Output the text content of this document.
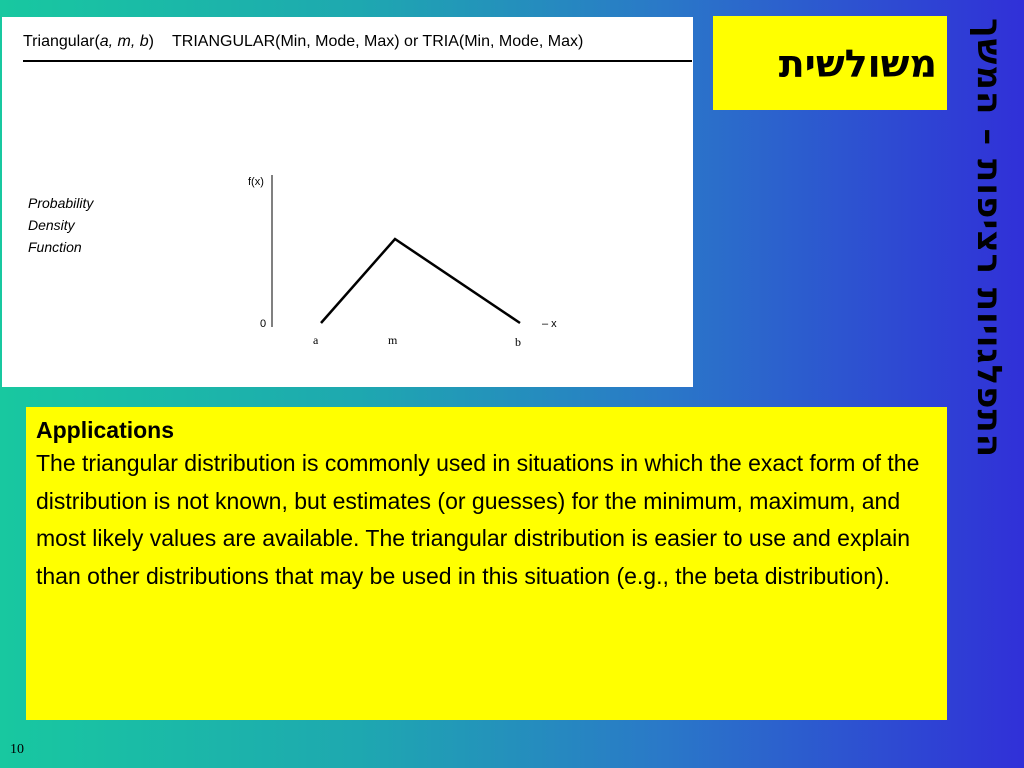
Triangular(a, m, b) TRIANGULAR(Min, Mode, Max) or TRIA(Min, Mode, Max)
Probability
Density
Function
f(x)
0	– x
a	m	b
משולשית התפלגויות רציפות – המשך
Applications
The triangular distribution is commonly used in situations in which the exact form of the distribution is not known, but estimates (or guesses) for the minimum, maximum, and most likely values are available. The triangular distribution is easier to use and explain than other distributions that may be used in this situation (e.g., the beta distribution).
10
